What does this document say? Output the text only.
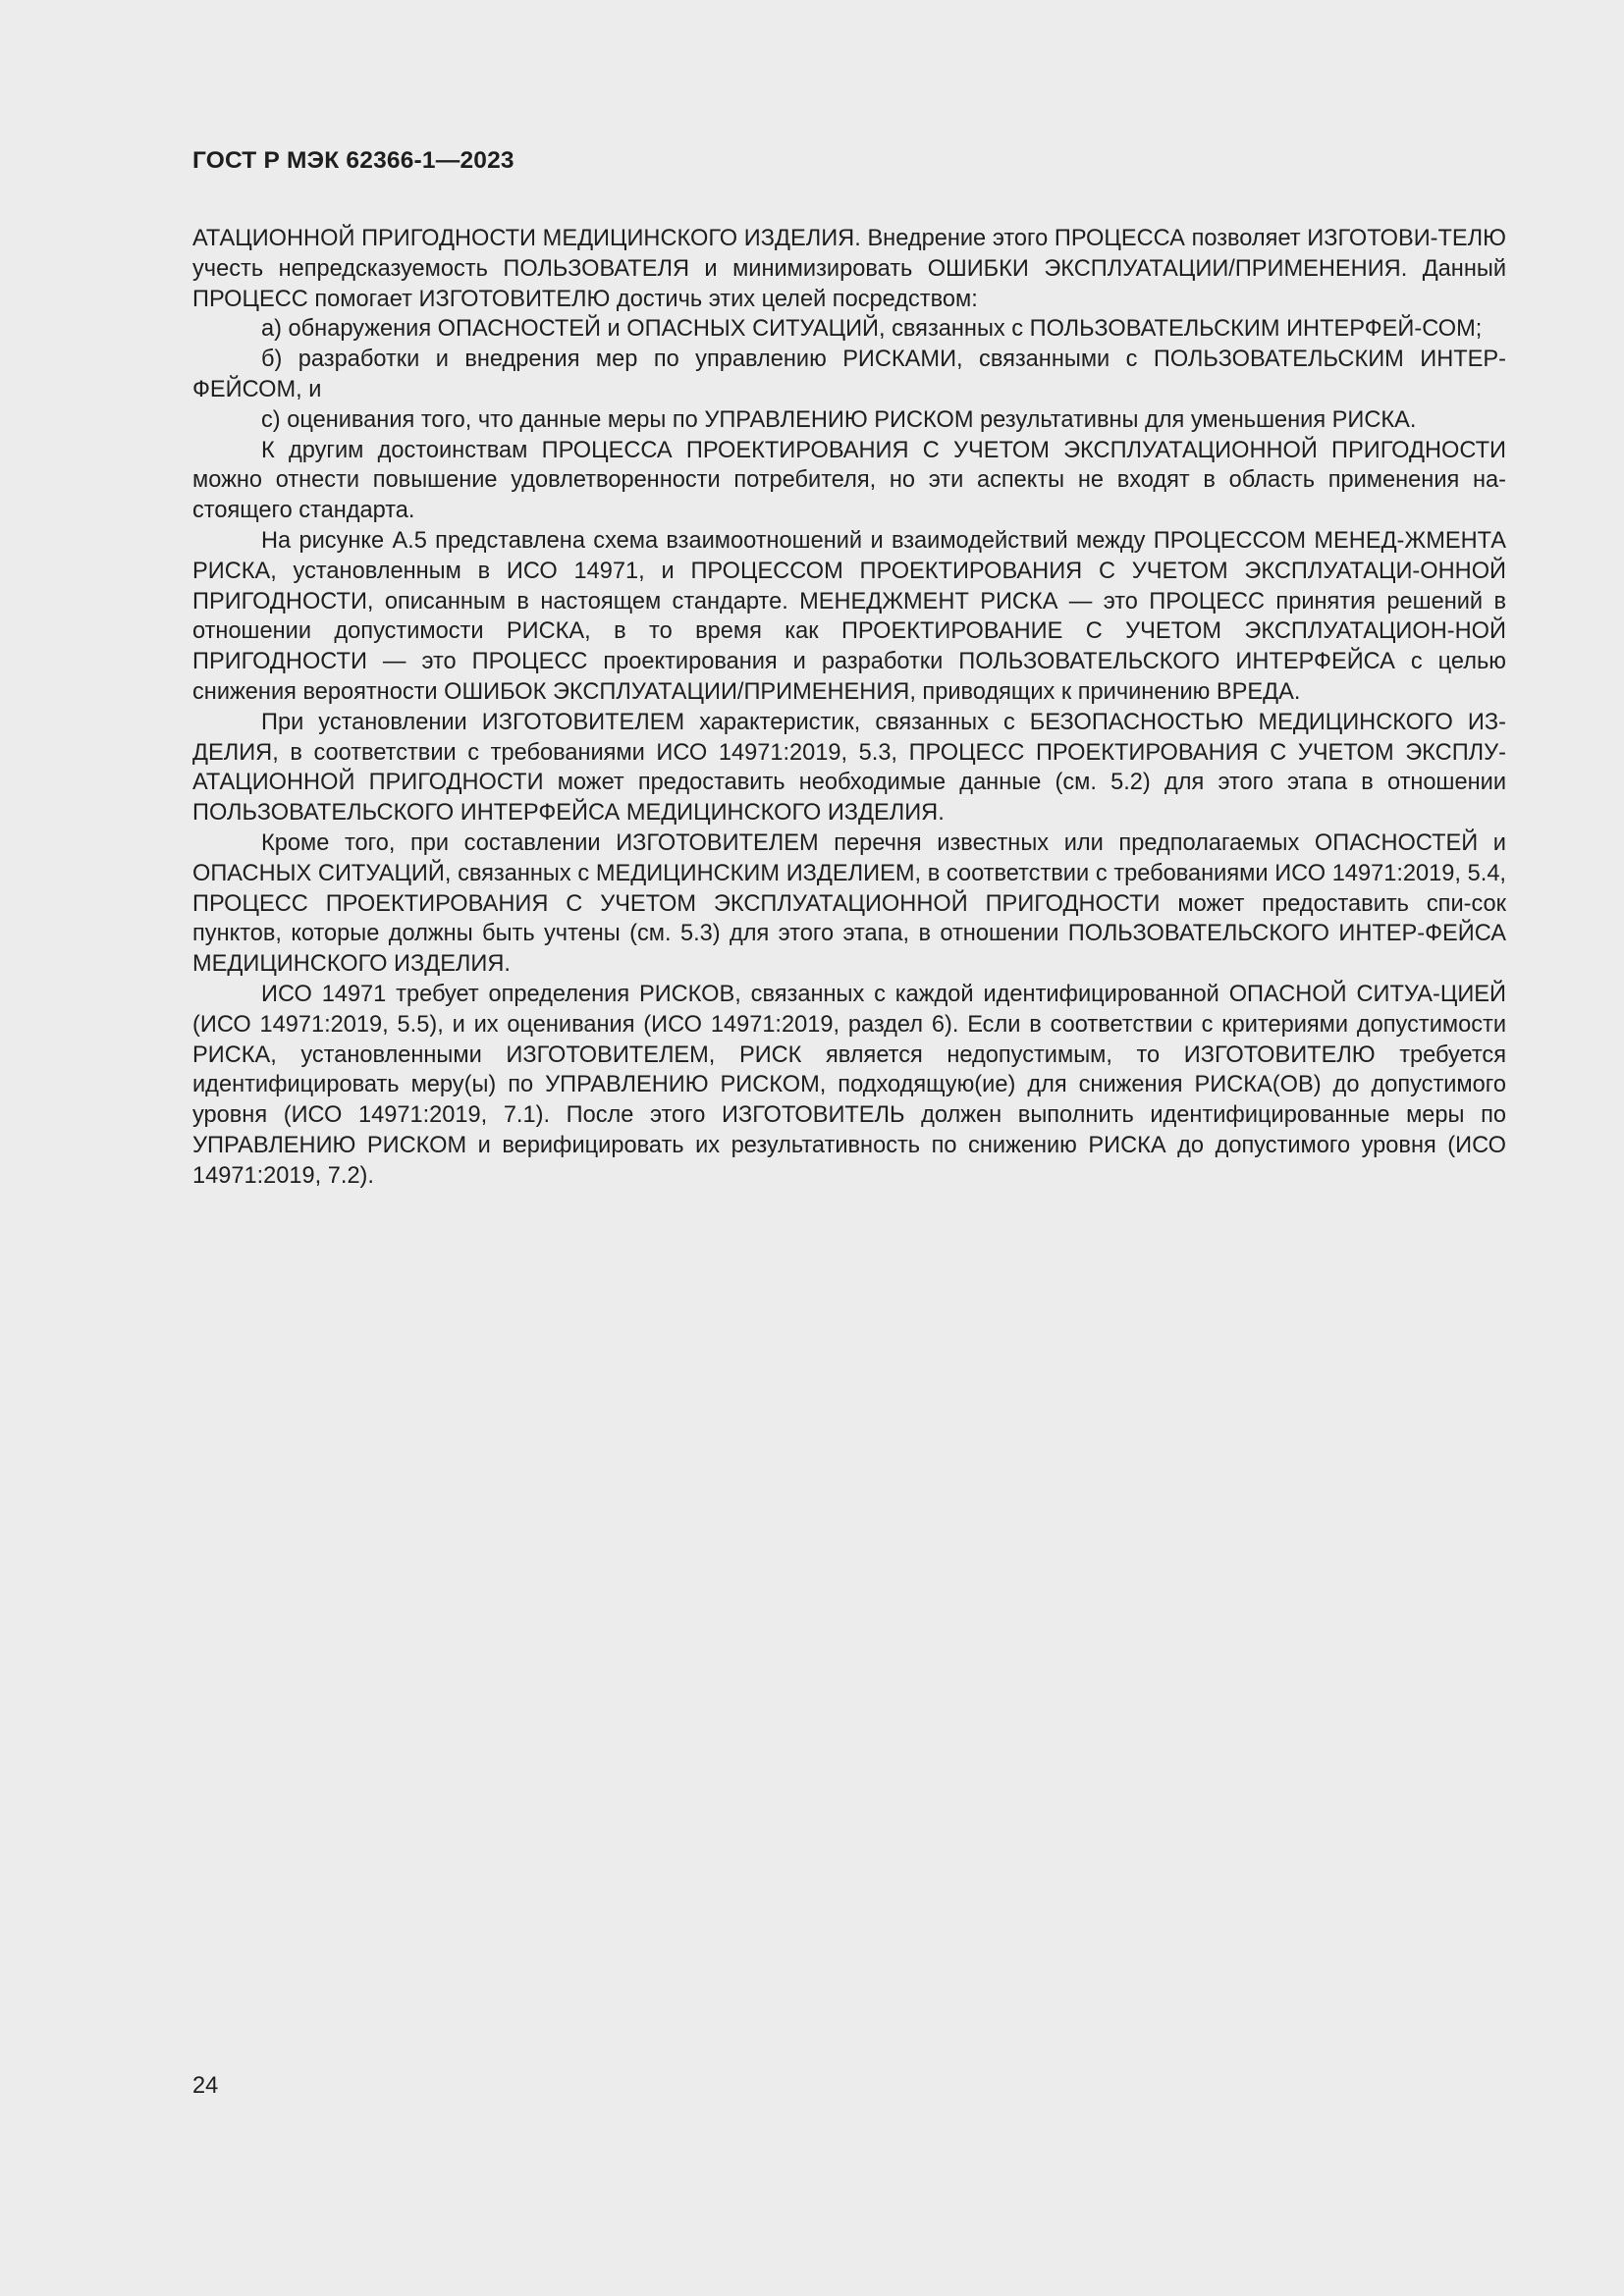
ГОСТ Р МЭК 62366-1—2023

АТАЦИОННОЙ ПРИГОДНОСТИ МЕДИЦИНСКОГО ИЗДЕЛИЯ. Внедрение этого ПРОЦЕССА позволяет ИЗГОТОВИ-ТЕЛЮ учесть непредсказуемость ПОЛЬЗОВАТЕЛЯ и минимизировать ОШИБКИ ЭКСПЛУАТАЦИИ/ПРИМЕНЕНИЯ. Данный ПРОЦЕСС помогает ИЗГОТОВИТЕЛЮ достичь этих целей посредством:

а) обнаружения ОПАСНОСТЕЙ и ОПАСНЫХ СИТУАЦИЙ, связанных с ПОЛЬЗОВАТЕЛЬСКИМ ИНТЕРФЕЙ-СОМ;

б) разработки и внедрения мер по управлению РИСКАМИ, связанными с ПОЛЬЗОВАТЕЛЬСКИМ ИНТЕР-ФЕЙСОМ, и

с) оценивания того, что данные меры по УПРАВЛЕНИЮ РИСКОМ результативны для уменьшения РИСКА.

К другим достоинствам ПРОЦЕССА ПРОЕКТИРОВАНИЯ С УЧЕТОМ ЭКСПЛУАТАЦИОННОЙ ПРИГОДНОСТИ можно отнести повышение удовлетворенности потребителя, но эти аспекты не входят в область применения на-стоящего стандарта.

На рисунке А.5 представлена схема взаимоотношений и взаимодействий между ПРОЦЕССОМ МЕНЕД-ЖМЕНТА РИСКА, установленным в ИСО 14971, и ПРОЦЕССОМ ПРОЕКТИРОВАНИЯ С УЧЕТОМ ЭКСПЛУАТАЦИ-ОННОЙ ПРИГОДНОСТИ, описанным в настоящем стандарте. МЕНЕДЖМЕНТ РИСКА — это ПРОЦЕСС принятия решений в отношении допустимости РИСКА, в то время как ПРОЕКТИРОВАНИЕ С УЧЕТОМ ЭКСПЛУАТАЦИОН-НОЙ ПРИГОДНОСТИ — это ПРОЦЕСС проектирования и разработки ПОЛЬЗОВАТЕЛЬСКОГО ИНТЕРФЕЙСА с целью снижения вероятности ОШИБОК ЭКСПЛУАТАЦИИ/ПРИМЕНЕНИЯ, приводящих к причинению ВРЕДА.

При установлении ИЗГОТОВИТЕЛЕМ характеристик, связанных с БЕЗОПАСНОСТЬЮ МЕДИЦИНСКОГО ИЗ-ДЕЛИЯ, в соответствии с требованиями ИСО 14971:2019, 5.3, ПРОЦЕСС ПРОЕКТИРОВАНИЯ С УЧЕТОМ ЭКСПЛУ-АТАЦИОННОЙ ПРИГОДНОСТИ может предоставить необходимые данные (см. 5.2) для этого этапа в отношении ПОЛЬЗОВАТЕЛЬСКОГО ИНТЕРФЕЙСА МЕДИЦИНСКОГО ИЗДЕЛИЯ.

Кроме того, при составлении ИЗГОТОВИТЕЛЕМ перечня известных или предполагаемых ОПАСНОСТЕЙ и ОПАСНЫХ СИТУАЦИЙ, связанных с МЕДИЦИНСКИМ ИЗДЕЛИЕМ, в соответствии с требованиями ИСО 14971:2019, 5.4, ПРОЦЕСС ПРОЕКТИРОВАНИЯ С УЧЕТОМ ЭКСПЛУАТАЦИОННОЙ ПРИГОДНОСТИ может предоставить спи-сок пунктов, которые должны быть учтены (см. 5.3) для этого этапа, в отношении ПОЛЬЗОВАТЕЛЬСКОГО ИНТЕР-ФЕЙСА МЕДИЦИНСКОГО ИЗДЕЛИЯ.

ИСО 14971 требует определения РИСКОВ, связанных с каждой идентифицированной ОПАСНОЙ СИТУА-ЦИЕЙ (ИСО 14971:2019, 5.5), и их оценивания (ИСО 14971:2019, раздел 6). Если в соответствии с критериями допустимости РИСКА, установленными ИЗГОТОВИТЕЛЕМ, РИСК является недопустимым, то ИЗГОТОВИТЕЛЮ требуется идентифицировать меру(ы) по УПРАВЛЕНИЮ РИСКОМ, подходящую(ие) для снижения РИСКА(ОВ) до допустимого уровня (ИСО 14971:2019, 7.1). После этого ИЗГОТОВИТЕЛЬ должен выполнить идентифицированные меры по УПРАВЛЕНИЮ РИСКОМ и верифицировать их результативность по снижению РИСКА до допустимого уровня (ИСО 14971:2019, 7.2).

24
